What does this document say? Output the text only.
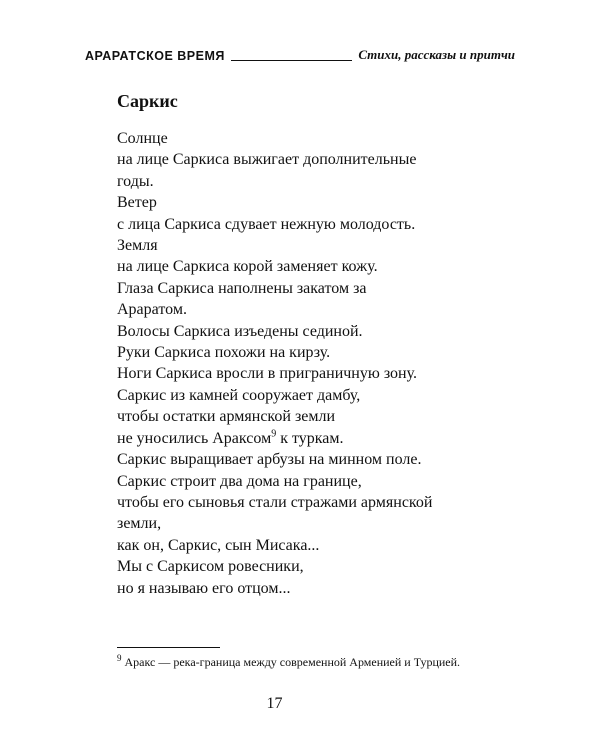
АРАРАТСКОЕ ВРЕМЯ	Стихи, рассказы и притчи
Саркис
Солнце
на лице Саркиса выжигает дополнительные
годы.
Ветер
с лица Саркиса сдувает нежную молодость.
Земля
на лице Саркиса корой заменяет кожу.
Глаза Саркиса наполнены закатом за
Араратом.
Волосы Саркиса изъедены сединой.
Руки Саркиса похожи на кирзу.
Ноги Саркиса вросли в приграничную зону.
Саркис из камней сооружает дамбу,
чтобы остатки армянской земли
не уносились Араксом$^9$ к туркам.
Саркис выращивает арбузы на минном поле.
Саркис строит два дома на границе,
чтобы его сыновья стали стражами армянской
земли,
как он, Саркис, сын Мисака...
Мы с Саркисом ровесники,
но я называю его отцом...
$^9$ Аракс — река-граница между современной Арменией и Турцией.
17
